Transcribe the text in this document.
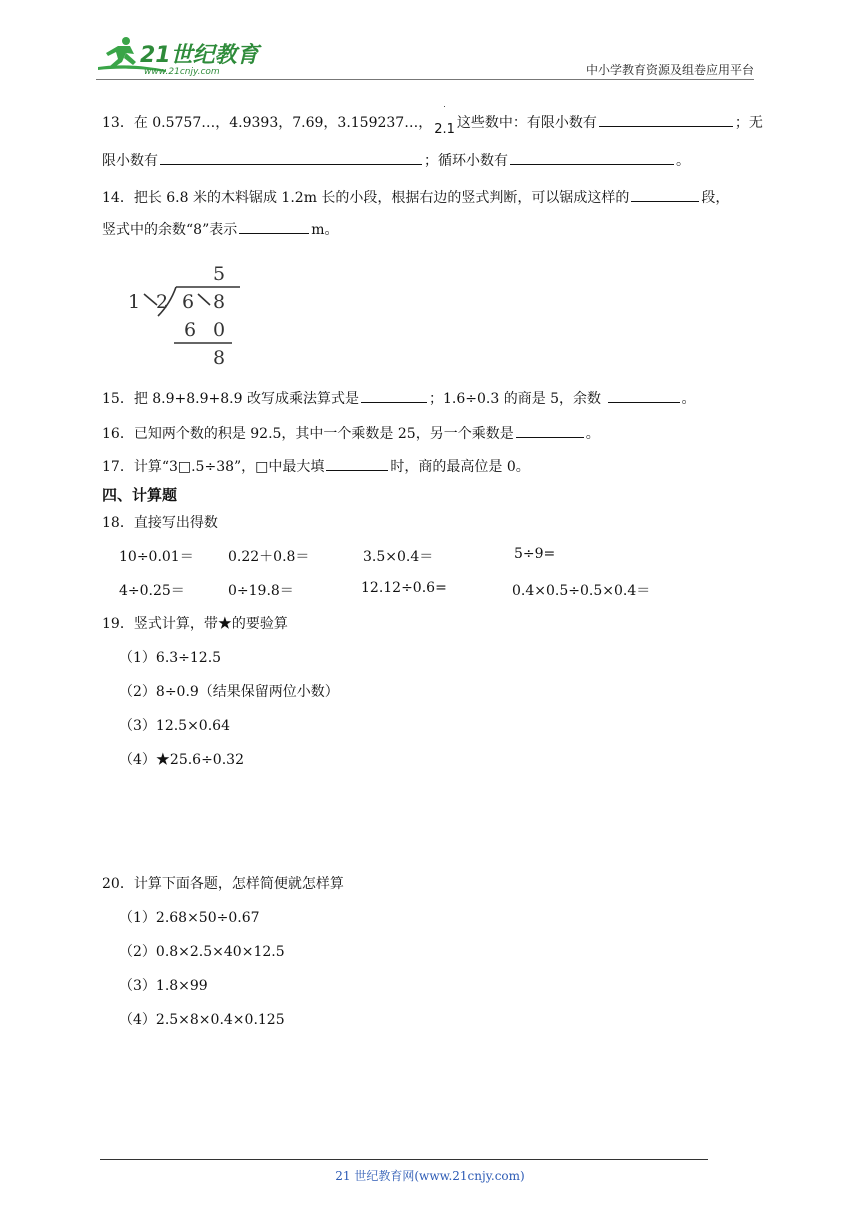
21世纪教育
www.21cnjy.com	中小学教育资源及组卷应用平台
13．在 0.5757…，4.9393，7.69，3.159237…，
˙
2.1 这些数中：有限小数有	；无
限小数有	；循环小数有	。
14．把长 6.8 米的木料锯成 1.2m 长的小段，根据右边的竖式判断，可以锯成这样的	段，
竖式中的余数“8”表示	m。
5
1 2 6 8
6 0
8
15．把 8.9+8.9+8.9 改写成乘法算式是	；1.6÷0.3 的商是 5，余数	。
16．已知两个数的积是 92.5，其中一个乘数是 25，另一个乘数是	。
17．计算“3□.5÷38”，□中最大填	时，商的最高位是 0。
四、计算题
18．直接写出得数
10÷0.01＝ 0.22＋0.8＝	3.5×0.4＝	5÷9=
4÷0.25＝	0÷19.8＝	12.12÷0.6=	0.4×0.5÷0.5×0.4＝
19．竖式计算，带★的要验算
（1）6.3÷12.5
（2）8÷0.9（结果保留两位小数）
（3）12.5×0.64
（4）★25.6÷0.32
20．计算下面各题，怎样简便就怎样算
（1）2.68×50÷0.67
（2）0.8×2.5×40×12.5
（3）1.8×99
（4）2.5×8×0.4×0.125
21 世纪教育网(www.21cnjy.com)
